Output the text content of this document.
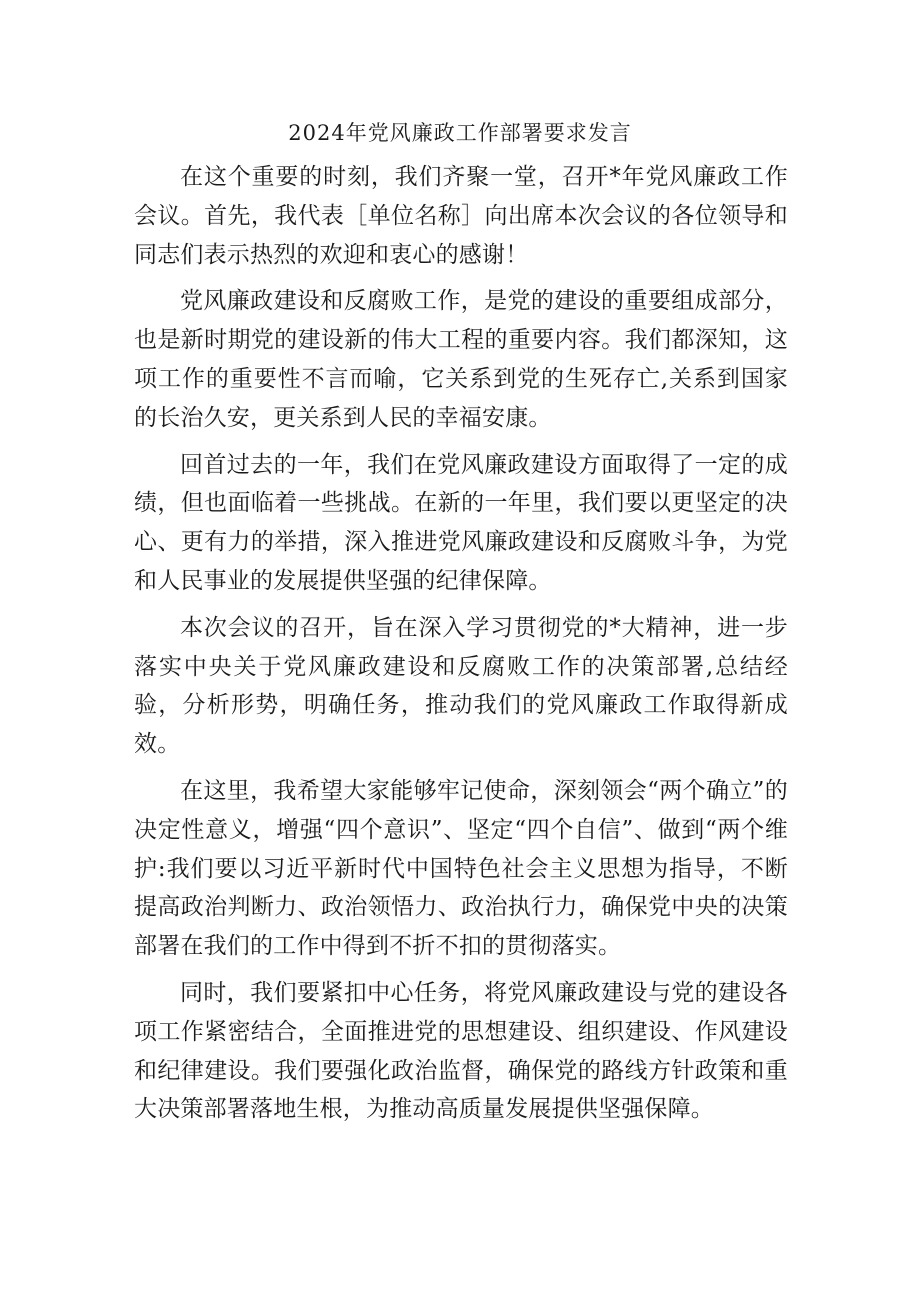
2024年党风廉政工作部署要求发言

在这个重要的时刻，我们齐聚一堂，召开*年党风廉政工作会议。首先，我代表［单位名称］向出席本次会议的各位领导和同志们表示热烈的欢迎和衷心的感谢！

党风廉政建设和反腐败工作，是党的建设的重要组成部分，也是新时期党的建设新的伟大工程的重要内容。我们都深知，这项工作的重要性不言而喻，它关系到党的生死存亡,关系到国家的长治久安，更关系到人民的幸福安康。

回首过去的一年，我们在党风廉政建设方面取得了一定的成绩，但也面临着一些挑战。在新的一年里，我们要以更坚定的决心、更有力的举措，深入推进党风廉政建设和反腐败斗争，为党和人民事业的发展提供坚强的纪律保障。

本次会议的召开，旨在深入学习贯彻党的*大精神，进一步落实中央关于党风廉政建设和反腐败工作的决策部署,总结经验，分析形势，明确任务，推动我们的党风廉政工作取得新成效。

在这里，我希望大家能够牢记使命，深刻领会“两个确立”的决定性意义，增强“四个意识”、坚定“四个自信”、做到“两个维护:我们要以习近平新时代中国特色社会主义思想为指导，不断提高政治判断力、政治领悟力、政治执行力，确保党中央的决策部署在我们的工作中得到不折不扣的贯彻落实。

同时，我们要紧扣中心任务，将党风廉政建设与党的建设各项工作紧密结合，全面推进党的思想建设、组织建设、作风建设和纪律建设。我们要强化政治监督，确保党的路线方针政策和重大决策部署落地生根，为推动高质量发展提供坚强保障。
